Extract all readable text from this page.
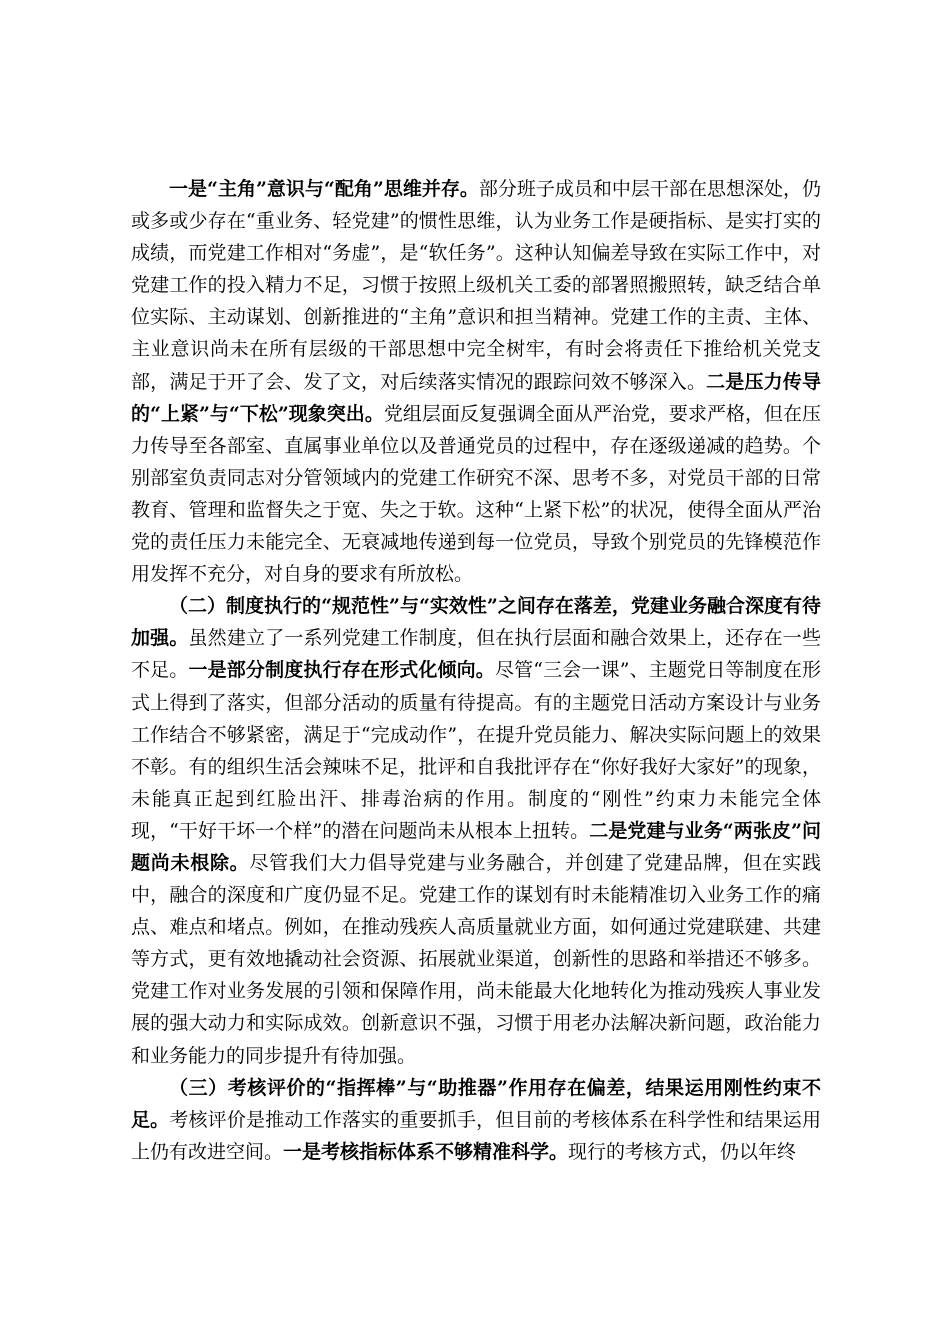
一是“主角”意识与“配角”思维并存。部分班子成员和中层干部在思想深处，仍或多或少存在“重业务、轻党建”的惯性思维，认为业务工作是硬指标、是实打实的成绩，而党建工作相对“务虚”，是“软任务”。这种认知偏差导致在实际工作中，对党建工作的投入精力不足，习惯于按照上级机关工委的部署照搬照转，缺乏结合单位实际、主动谋划、创新推进的“主角”意识和担当精神。党建工作的主责、主体、主业意识尚未在所有层级的干部思想中完全树牢，有时会将责任下推给机关党支部，满足于开了会、发了文，对后续落实情况的跟踪问效不够深入。二是压力传导的“上紧”与“下松”现象突出。党组层面反复强调全面从严治党，要求严格，但在压力传导至各部室、直属事业单位以及普通党员的过程中，存在逐级递减的趋势。个别部室负责同志对分管领域内的党建工作研究不深、思考不多，对党员干部的日常教育、管理和监督失之于宽、失之于软。这种“上紧下松”的状况，使得全面从严治党的责任压力未能完全、无衰减地传递到每一位党员，导致个别党员的先锋模范作用发挥不充分，对自身的要求有所放松。

（二）制度执行的“规范性”与“实效性”之间存在落差，党建业务融合深度有待加强。虽然建立了一系列党建工作制度，但在执行层面和融合效果上，还存在一些不足。一是部分制度执行存在形式化倾向。尽管“三会一课”、主题党日等制度在形式上得到了落实，但部分活动的质量有待提高。有的主题党日活动方案设计与业务工作结合不够紧密，满足于“完成动作”，在提升党员能力、解决实际问题上的效果不彰。有的组织生活会辣味不足，批评和自我批评存在“你好我好大家好”的现象，未能真正起到红脸出汗、排毒治病的作用。制度的“刚性”约束力未能完全体现，“干好干坏一个样”的潜在问题尚未从根本上扭转。二是党建与业务“两张皮”问题尚未根除。尽管我们大力倡导党建与业务融合，并创建了党建品牌，但在实践中，融合的深度和广度仍显不足。党建工作的谋划有时未能精准切入业务工作的痛点、难点和堵点。例如，在推动残疾人高质量就业方面，如何通过党建联建、共建等方式，更有效地撬动社会资源、拓展就业渠道，创新性的思路和举措还不够多。党建工作对业务发展的引领和保障作用，尚未能最大化地转化为推动残疾人事业发展的强大动力和实际成效。创新意识不强，习惯于用老办法解决新问题，政治能力和业务能力的同步提升有待加强。

（三）考核评价的“指挥棒”与“助推器”作用存在偏差，结果运用刚性约束不足。考核评价是推动工作落实的重要抓手，但目前的考核体系在科学性和结果运用上仍有改进空间。一是考核指标体系不够精准科学。现行的考核方式，仍以年终
